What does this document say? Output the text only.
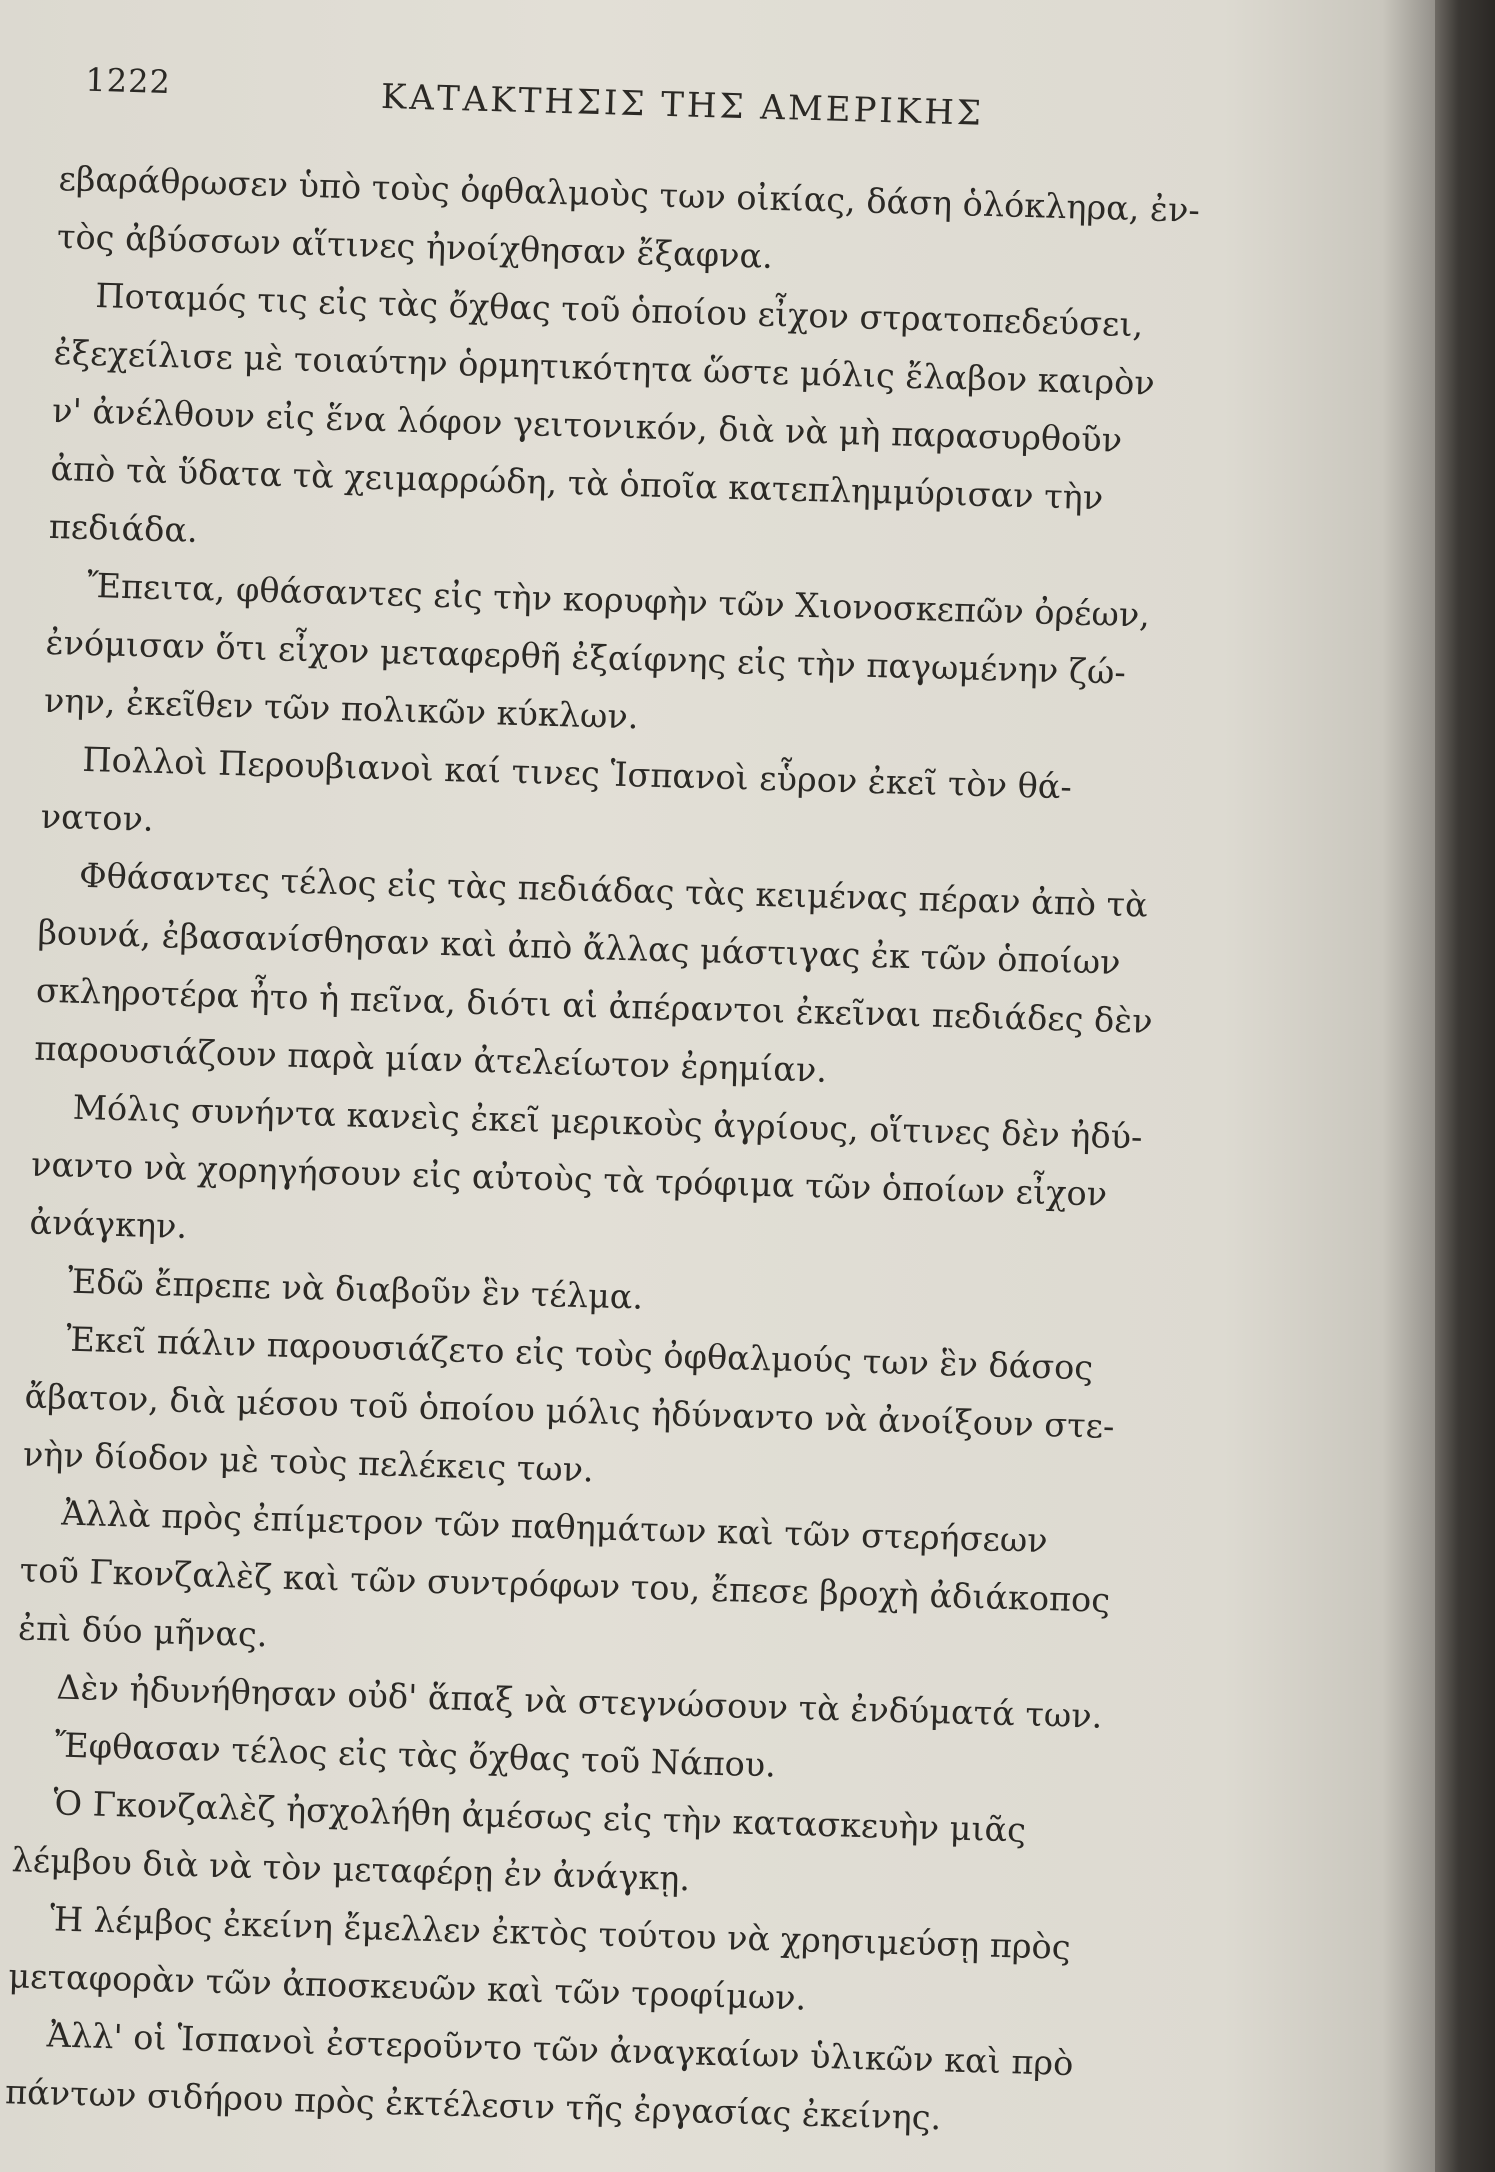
1222	ΚΑΤΑΚΤΗΣΙΣ ΤΗΣ ΑΜΕΡΙΚΗΣ

εβαράθρωσεν ὑπὸ τοὺς ὀφθαλμοὺς των οἰκίας, δάση ὁλόκληρα, ἐν-
τὸς ἀβύσσων αἵτινες ἠνοίχθησαν ἔξαφνα.

Ποταμός τις εἰς τὰς ὄχθας τοῦ ὁποίου εἶχον στρατοπεδεύσει,
ἐξεχείλισε μὲ τοιαύτην ὁρμητικότητα ὥστε μόλις ἔλαβον καιρὸν
ν' ἀνέλθουν εἰς ἕνα λόφον γειτονικόν, διὰ νὰ μὴ παρασυρθοῦν
ἀπὸ τὰ ὕδατα τὰ χειμαρρώδη, τὰ ὁποῖα κατεπλημμύρισαν τὴν
πεδιάδα.

Ἔπειτα, φθάσαντες εἰς τὴν κορυφὴν τῶν Χιονοσκεπῶν ὀρέων,
ἐνόμισαν ὅτι εἶχον μεταφερθῆ ἐξαίφνης εἰς τὴν παγωμένην ζώ-
νην, ἐκεῖθεν τῶν πολικῶν κύκλων.

Πολλοὶ Περουβιανοὶ καί τινες Ἱσπανοὶ εὗρον ἐκεῖ τὸν θά-
νατον.

Φθάσαντες τέλος εἰς τὰς πεδιάδας τὰς κειμένας πέραν ἀπὸ τὰ
βουνά, ἐβασανίσθησαν καὶ ἀπὸ ἄλλας μάστιγας ἐκ τῶν ὁποίων
σκληροτέρα ἦτο ἡ πεῖνα, διότι αἱ ἀπέραντοι ἐκεῖναι πεδιάδες δὲν
παρουσιάζουν παρὰ μίαν ἀτελείωτον ἐρημίαν.

Μόλις συνήντα κανεὶς ἐκεῖ μερικοὺς ἀγρίους, οἵτινες δὲν ἠδύ-
ναντο νὰ χορηγήσουν εἰς αὐτοὺς τὰ τρόφιμα τῶν ὁποίων εἶχον
ἀνάγκην.

Ἐδῶ ἔπρεπε νὰ διαβοῦν ἓν τέλμα.

Ἐκεῖ πάλιν παρουσιάζετο εἰς τοὺς ὀφθαλμούς των ἓν δάσος
ἄβατον, διὰ μέσου τοῦ ὁποίου μόλις ἠδύναντο νὰ ἀνοίξουν στε-
νὴν δίοδον μὲ τοὺς πελέκεις των.

Ἀλλὰ πρὸς ἐπίμετρον τῶν παθημάτων καὶ τῶν στερήσεων
τοῦ Γκονζαλὲζ καὶ τῶν συντρόφων του, ἔπεσε βροχὴ ἀδιάκοπος
ἐπὶ δύο μῆνας.

Δὲν ἠδυνήθησαν οὐδ' ἅπαξ νὰ στεγνώσουν τὰ ἐνδύματά των.

Ἔφθασαν τέλος εἰς τὰς ὄχθας τοῦ Νάπου.

Ὁ Γκονζαλὲζ ἠσχολήθη ἀμέσως εἰς τὴν κατασκευὴν μιᾶς
λέμβου διὰ νὰ τὸν μεταφέρῃ ἐν ἀνάγκῃ.

Ἡ λέμβος ἐκείνη ἔμελλεν ἐκτὸς τούτου νὰ χρησιμεύσῃ πρὸς
μεταφορὰν τῶν ἀποσκευῶν καὶ τῶν τροφίμων.

Ἀλλ' οἱ Ἱσπανοὶ ἐστεροῦντο τῶν ἀναγκαίων ὑλικῶν καὶ πρὸ
πάντων σιδήρου πρὸς ἐκτέλεσιν τῆς ἐργασίας ἐκείνης.
